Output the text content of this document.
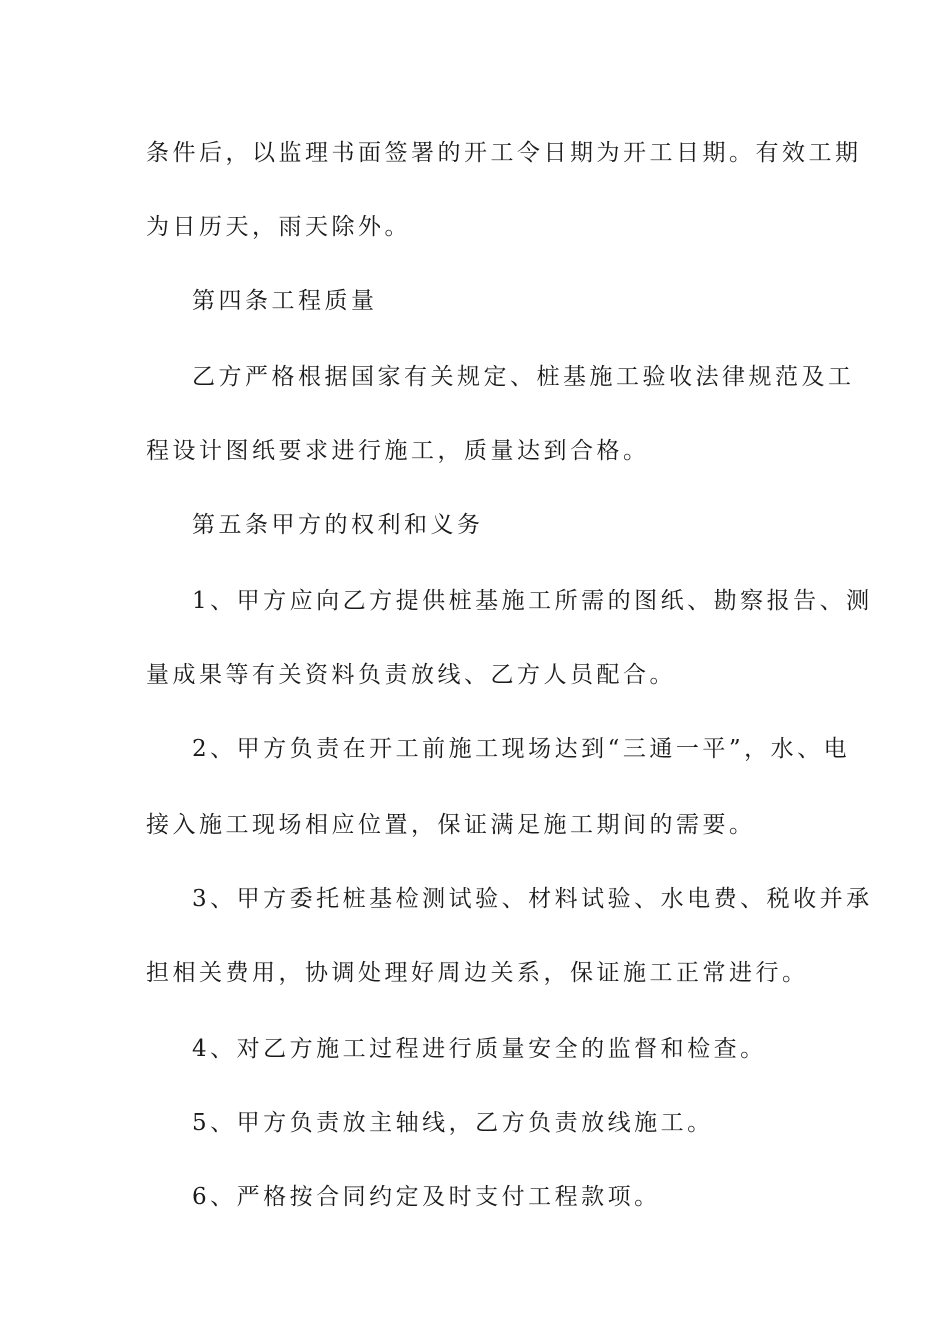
条件后，以监理书面签署的开工令日期为开工日期。有效工期
为日历天，雨天除外。
第四条工程质量
乙方严格根据国家有关规定、桩基施工验收法律规范及工
程设计图纸要求进行施工，质量达到合格。
第五条甲方的权利和义务
1、甲方应向乙方提供桩基施工所需的图纸、勘察报告、测
量成果等有关资料负责放线、乙方人员配合。
2、甲方负责在开工前施工现场达到“三通一平”，水、电
接入施工现场相应位置，保证满足施工期间的需要。
3、甲方委托桩基检测试验、材料试验、水电费、税收并承
担相关费用，协调处理好周边关系，保证施工正常进行。
4、对乙方施工过程进行质量安全的监督和检查。
5、甲方负责放主轴线，乙方负责放线施工。
6、严格按合同约定及时支付工程款项。
